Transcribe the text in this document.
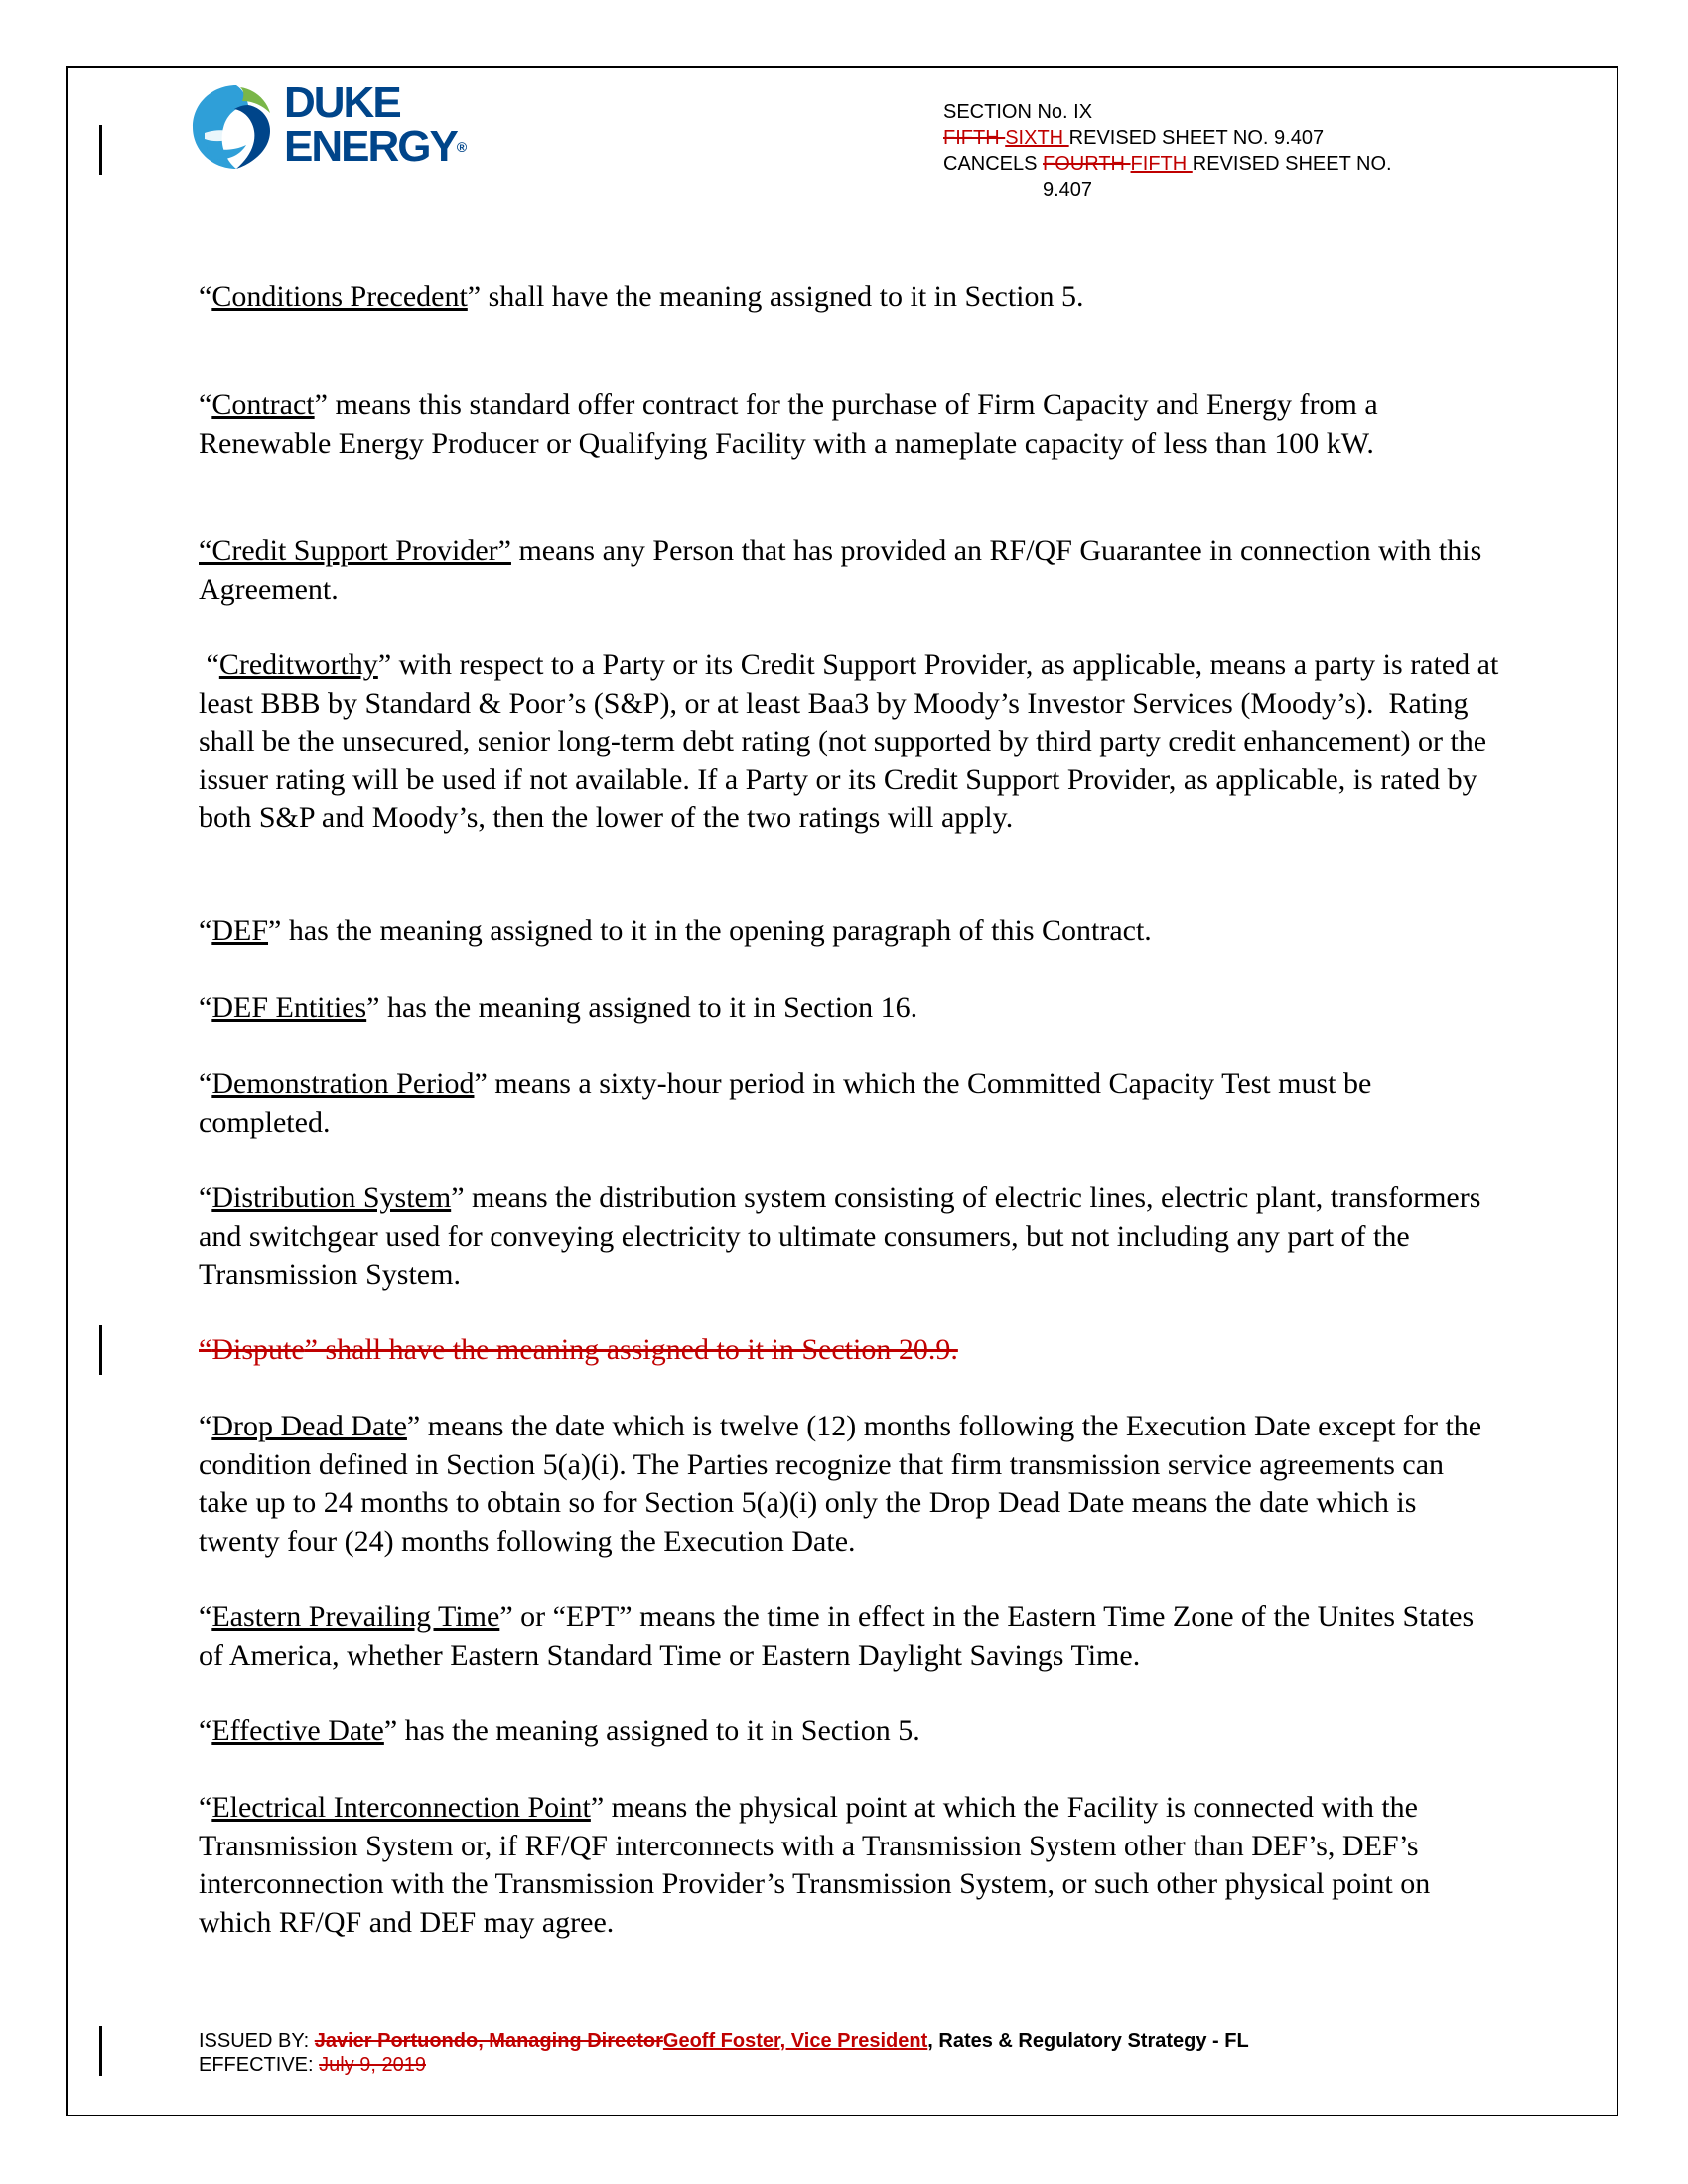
DUKE
ENERGY®
SECTION No. IX
FIFTH SIXTH REVISED SHEET NO. 9.407
CANCELS FOURTH FIFTH REVISED SHEET NO.
9.407

“Conditions Precedent” shall have the meaning assigned to it in Section 5.

“Contract” means this standard offer contract for the purchase of Firm Capacity and Energy from a Renewable Energy Producer or Qualifying Facility with a nameplate capacity of less than 100 kW.

“Credit Support Provider” means any Person that has provided an RF/QF Guarantee in connection with this Agreement.

“Creditworthy” with respect to a Party or its Credit Support Provider, as applicable, means a party is rated at least BBB by Standard & Poor’s (S&P), or at least Baa3 by Moody’s Investor Services (Moody’s).  Rating shall be the unsecured, senior long-term debt rating (not supported by third party credit enhancement) or the issuer rating will be used if not available. If a Party or its Credit Support Provider, as applicable, is rated by both S&P and Moody’s, then the lower of the two ratings will apply.

“DEF” has the meaning assigned to it in the opening paragraph of this Contract.

“DEF Entities” has the meaning assigned to it in Section 16.

“Demonstration Period” means a sixty-hour period in which the Committed Capacity Test must be completed.

“Distribution System” means the distribution system consisting of electric lines, electric plant, transformers and switchgear used for conveying electricity to ultimate consumers, but not including any part of the Transmission System.

“Dispute” shall have the meaning assigned to it in Section 20.9.

“Drop Dead Date” means the date which is twelve (12) months following the Execution Date except for the condition defined in Section 5(a)(i). The Parties recognize that firm transmission service agreements can take up to 24 months to obtain so for Section 5(a)(i) only the Drop Dead Date means the date which is twenty four (24) months following the Execution Date.

“Eastern Prevailing Time” or “EPT” means the time in effect in the Eastern Time Zone of the Unites States of America, whether Eastern Standard Time or Eastern Daylight Savings Time.

“Effective Date” has the meaning assigned to it in Section 5.

“Electrical Interconnection Point” means the physical point at which the Facility is connected with the Transmission System or, if RF/QF interconnects with a Transmission System other than DEF’s, DEF’s interconnection with the Transmission Provider’s Transmission System, or such other physical point on which RF/QF and DEF may agree.

ISSUED BY: Javier Portuondo, Managing DirectorGeoff Foster, Vice President, Rates & Regulatory Strategy - FL
EFFECTIVE: July 9, 2019
